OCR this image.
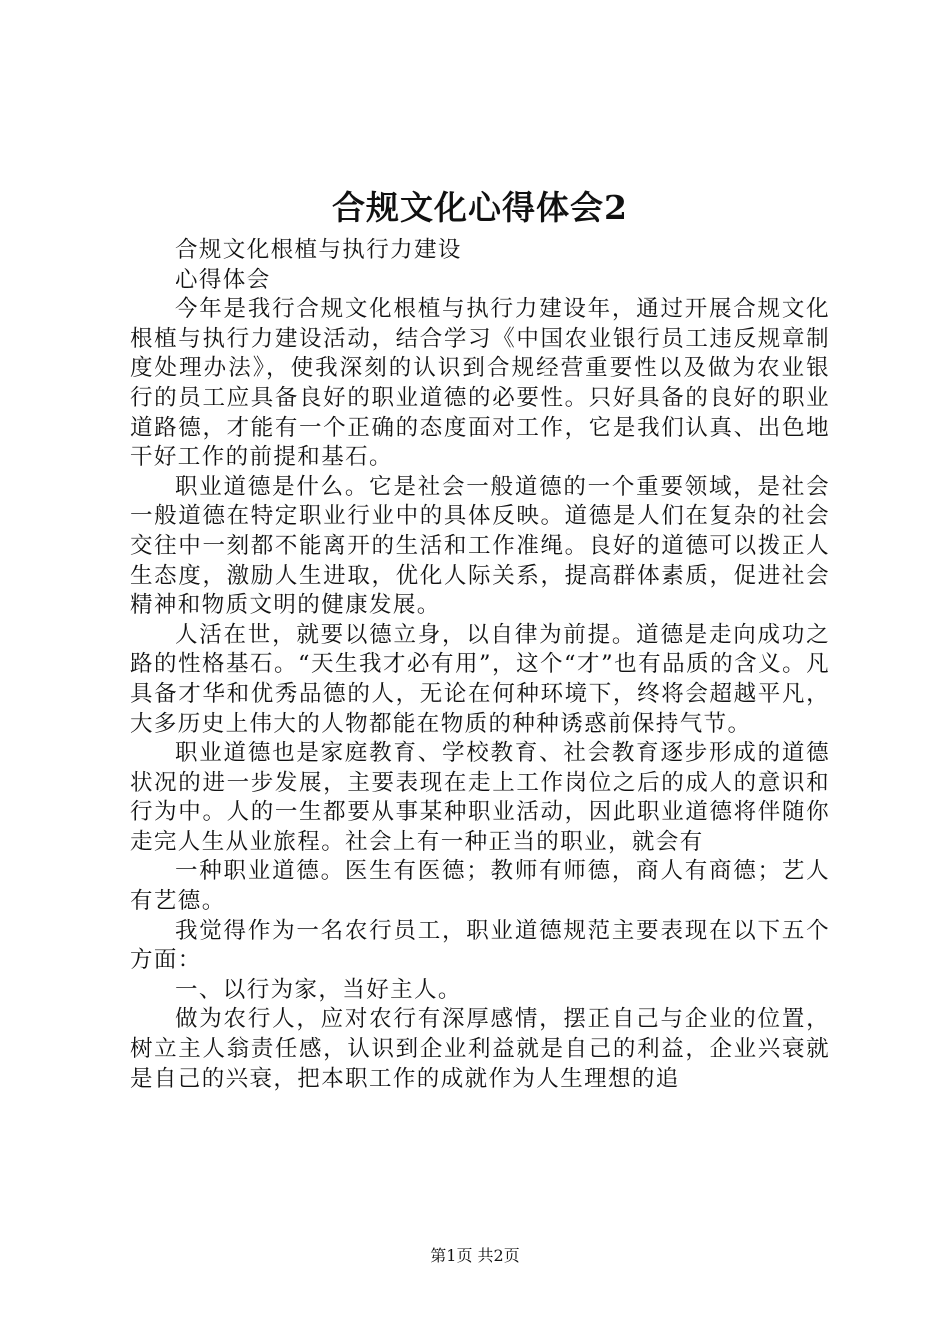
合规文化心得体会2

合规文化根植与执行力建设

心得体会

今年是我行合规文化根植与执行力建设年，通过开展合规文化根植与执行力建设活动，结合学习《中国农业银行员工违反规章制度处理办法》，使我深刻的认识到合规经营重要性以及做为农业银行的员工应具备良好的职业道德的必要性。只好具备的良好的职业道路德，才能有一个正确的态度面对工作，它是我们认真、出色地干好工作的前提和基石。

职业道德是什么。它是社会一般道德的一个重要领域，是社会一般道德在特定职业行业中的具体反映。道德是人们在复杂的社会交往中一刻都不能离开的生活和工作准绳。良好的道德可以拨正人生态度，激励人生进取，优化人际关系，提高群体素质，促进社会精神和物质文明的健康发展。

人活在世，就要以德立身，以自律为前提。道德是走向成功之路的性格基石。“天生我才必有用”，这个“才”也有品质的含义。凡具备才华和优秀品德的人，无论在何种环境下，终将会超越平凡，大多历史上伟大的人物都能在物质的种种诱惑前保持气节。

职业道德也是家庭教育、学校教育、社会教育逐步形成的道德状况的进一步发展，主要表现在走上工作岗位之后的成人的意识和行为中。人的一生都要从事某种职业活动，因此职业道德将伴随你走完人生从业旅程。社会上有一种正当的职业，就会有

一种职业道德。医生有医德；教师有师德，商人有商德；艺人有艺德。

我觉得作为一名农行员工，职业道德规范主要表现在以下五个方面：

一、以行为家，当好主人。

做为农行人，应对农行有深厚感情，摆正自己与企业的位置，树立主人翁责任感，认识到企业利益就是自己的利益，企业兴衰就是自己的兴衰，把本职工作的成就作为人生理想的追

第1页 共2页
